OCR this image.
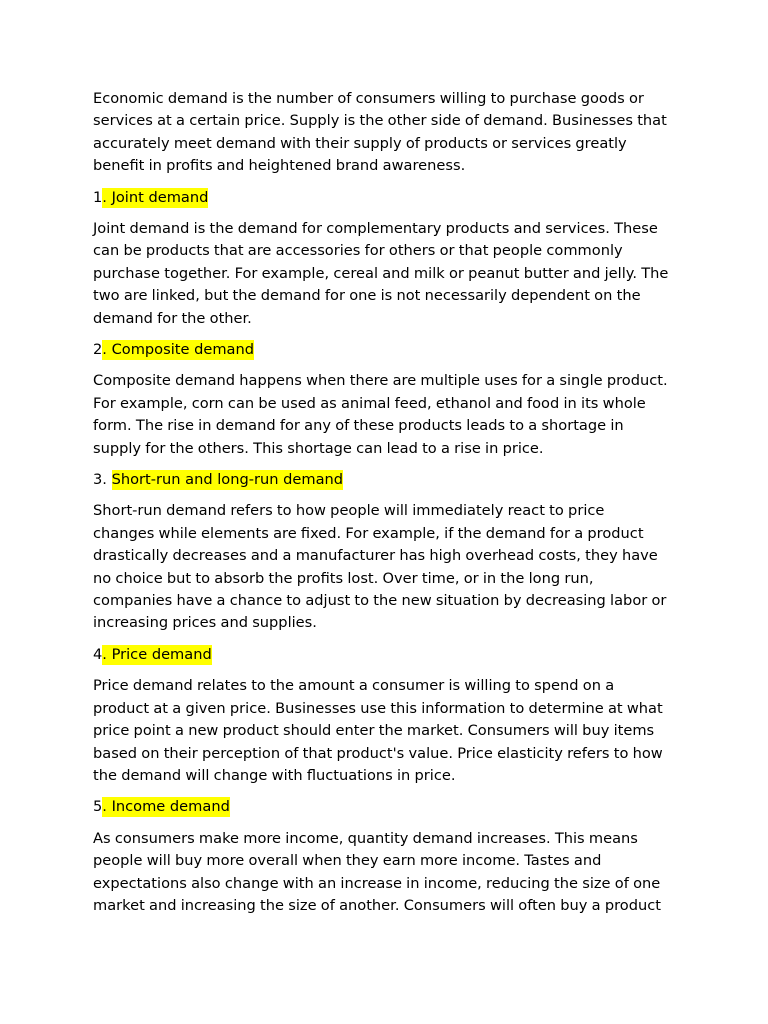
Economic demand is the number of consumers willing to purchase goods or
services at a certain price. Supply is the other side of demand. Businesses that
accurately meet demand with their supply of products or services greatly
benefit in profits and heightened brand awareness.

1. Joint demand

Joint demand is the demand for complementary products and services. These
can be products that are accessories for others or that people commonly
purchase together. For example, cereal and milk or peanut butter and jelly. The
two are linked, but the demand for one is not necessarily dependent on the
demand for the other.

2. Composite demand

Composite demand happens when there are multiple uses for a single product.
For example, corn can be used as animal feed, ethanol and food in its whole
form. The rise in demand for any of these products leads to a shortage in
supply for the others. This shortage can lead to a rise in price.

3. Short-run and long-run demand

Short-run demand refers to how people will immediately react to price
changes while elements are fixed. For example, if the demand for a product
drastically decreases and a manufacturer has high overhead costs, they have
no choice but to absorb the profits lost. Over time, or in the long run,
companies have a chance to adjust to the new situation by decreasing labor or
increasing prices and supplies.

4. Price demand

Price demand relates to the amount a consumer is willing to spend on a
product at a given price. Businesses use this information to determine at what
price point a new product should enter the market. Consumers will buy items
based on their perception of that product's value. Price elasticity refers to how
the demand will change with fluctuations in price.

5. Income demand

As consumers make more income, quantity demand increases. This means
people will buy more overall when they earn more income. Tastes and
expectations also change with an increase in income, reducing the size of one
market and increasing the size of another. Consumers will often buy a product
